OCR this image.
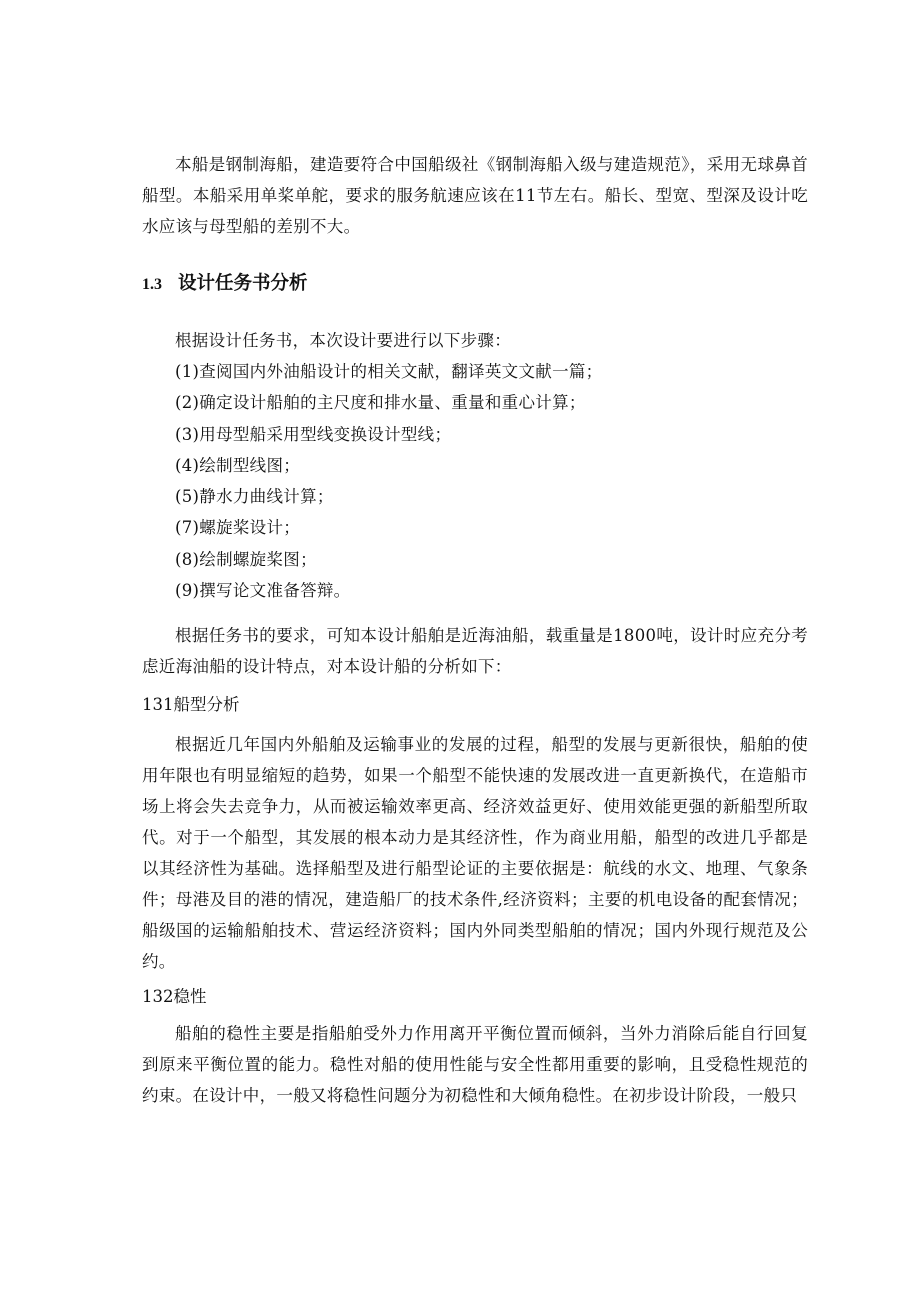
本船是钢制海船，建造要符合中国船级社《钢制海船入级与建造规范》，采用无球鼻首船型。本船采用单桨单舵，要求的服务航速应该在11节左右。船长、型宽、型深及设计吃水应该与母型船的差别不大。

1.3 设计任务书分析

根据设计任务书，本次设计要进行以下步骤：

(1)查阅国内外油船设计的相关文献，翻译英文文献一篇；
(2)确定设计船舶的主尺度和排水量、重量和重心计算；
(3)用母型船采用型线变换设计型线；
(4)绘制型线图；
(5)静水力曲线计算；
(7)螺旋桨设计；
(8)绘制螺旋桨图；
(9)撰写论文准备答辩。

根据任务书的要求，可知本设计船舶是近海油船，载重量是1800吨，设计时应充分考虑近海油船的设计特点，对本设计船的分析如下：

131船型分析

根据近几年国内外船舶及运输事业的发展的过程，船型的发展与更新很快，船舶的使用年限也有明显缩短的趋势，如果一个船型不能快速的发展改进一直更新换代，在造船市场上将会失去竞争力，从而被运输效率更高、经济效益更好、使用效能更强的新船型所取代。对于一个船型，其发展的根本动力是其经济性，作为商业用船，船型的改进几乎都是以其经济性为基础。选择船型及进行船型论证的主要依据是：航线的水文、地理、气象条件；母港及目的港的情况，建造船厂的技术条件,经济资料；主要的机电设备的配套情况；船级国的运输船舶技术、营运经济资料；国内外同类型船舶的情况；国内外现行规范及公约。

132稳性

船舶的稳性主要是指船舶受外力作用离开平衡位置而倾斜，当外力消除后能自行回复到原来平衡位置的能力。稳性对船的使用性能与安全性都用重要的影响，且受稳性规范的约束。在设计中，一般又将稳性问题分为初稳性和大倾角稳性。在初步设计阶段，一般只
